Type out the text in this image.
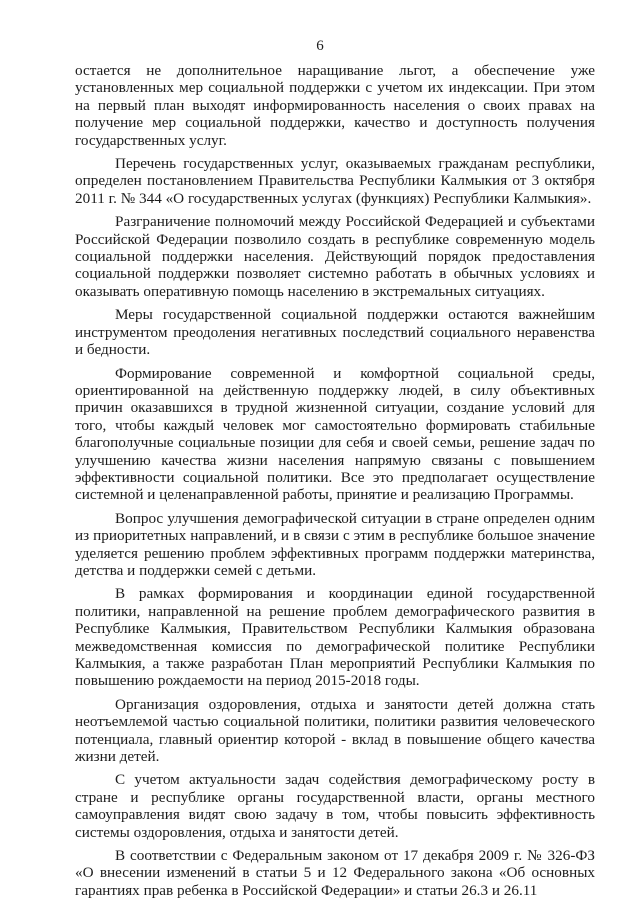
6

остается не дополнительное наращивание льгот, а обеспечение уже установленных мер социальной поддержки с учетом их индексации. При этом на первый план выходят информированность населения о своих правах на получение мер социальной поддержки, качество и доступность получения государственных услуг.

Перечень государственных услуг, оказываемых гражданам республики, определен постановлением Правительства Республики Калмыкия от 3 октября 2011 г. № 344 «О государственных услугах (функциях) Республики Калмыкия».

Разграничение полномочий между Российской Федерацией и субъектами Российской Федерации позволило создать в республике современную модель социальной поддержки населения. Действующий порядок предоставления социальной поддержки позволяет системно работать в обычных условиях и оказывать оперативную помощь населению в экстремальных ситуациях.

Меры государственной социальной поддержки остаются важнейшим инструментом преодоления негативных последствий социального неравенства и бедности.

Формирование современной и комфортной социальной среды, ориентированной на действенную поддержку людей, в силу объективных причин оказавшихся в трудной жизненной ситуации, создание условий для того, чтобы каждый человек мог самостоятельно формировать стабильные благополучные социальные позиции для себя и своей семьи, решение задач по улучшению качества жизни населения напрямую связаны с повышением эффективности социальной политики. Все это предполагает осуществление системной и целенаправленной работы, принятие и реализацию Программы.

Вопрос улучшения демографической ситуации в стране определен одним из приоритетных направлений, и в связи с этим в республике большое значение уделяется решению проблем эффективных программ поддержки материнства, детства и поддержки семей с детьми.

В рамках формирования и координации единой государственной политики, направленной на решение проблем демографического развития в Республике Калмыкия, Правительством Республики Калмыкия образована межведомственная комиссия по демографической политике Республики Калмыкия, а также разработан План мероприятий Республики Калмыкия по повышению рождаемости на период 2015-2018 годы.

Организация оздоровления, отдыха и занятости детей должна стать неотъемлемой частью социальной политики, политики развития человеческого потенциала, главный ориентир которой - вклад в повышение общего качества жизни детей.

С учетом актуальности задач содействия демографическому росту в стране и республике органы государственной власти, органы местного самоуправления видят свою задачу в том, чтобы повысить эффективность системы оздоровления, отдыха и занятости детей.

В соответствии с Федеральным законом от 17 декабря 2009 г. № 326-ФЗ «О внесении изменений в статьи 5 и 12 Федерального закона «Об основных гарантиях прав ребенка в Российской Федерации» и статьи 26.3 и 26.11
